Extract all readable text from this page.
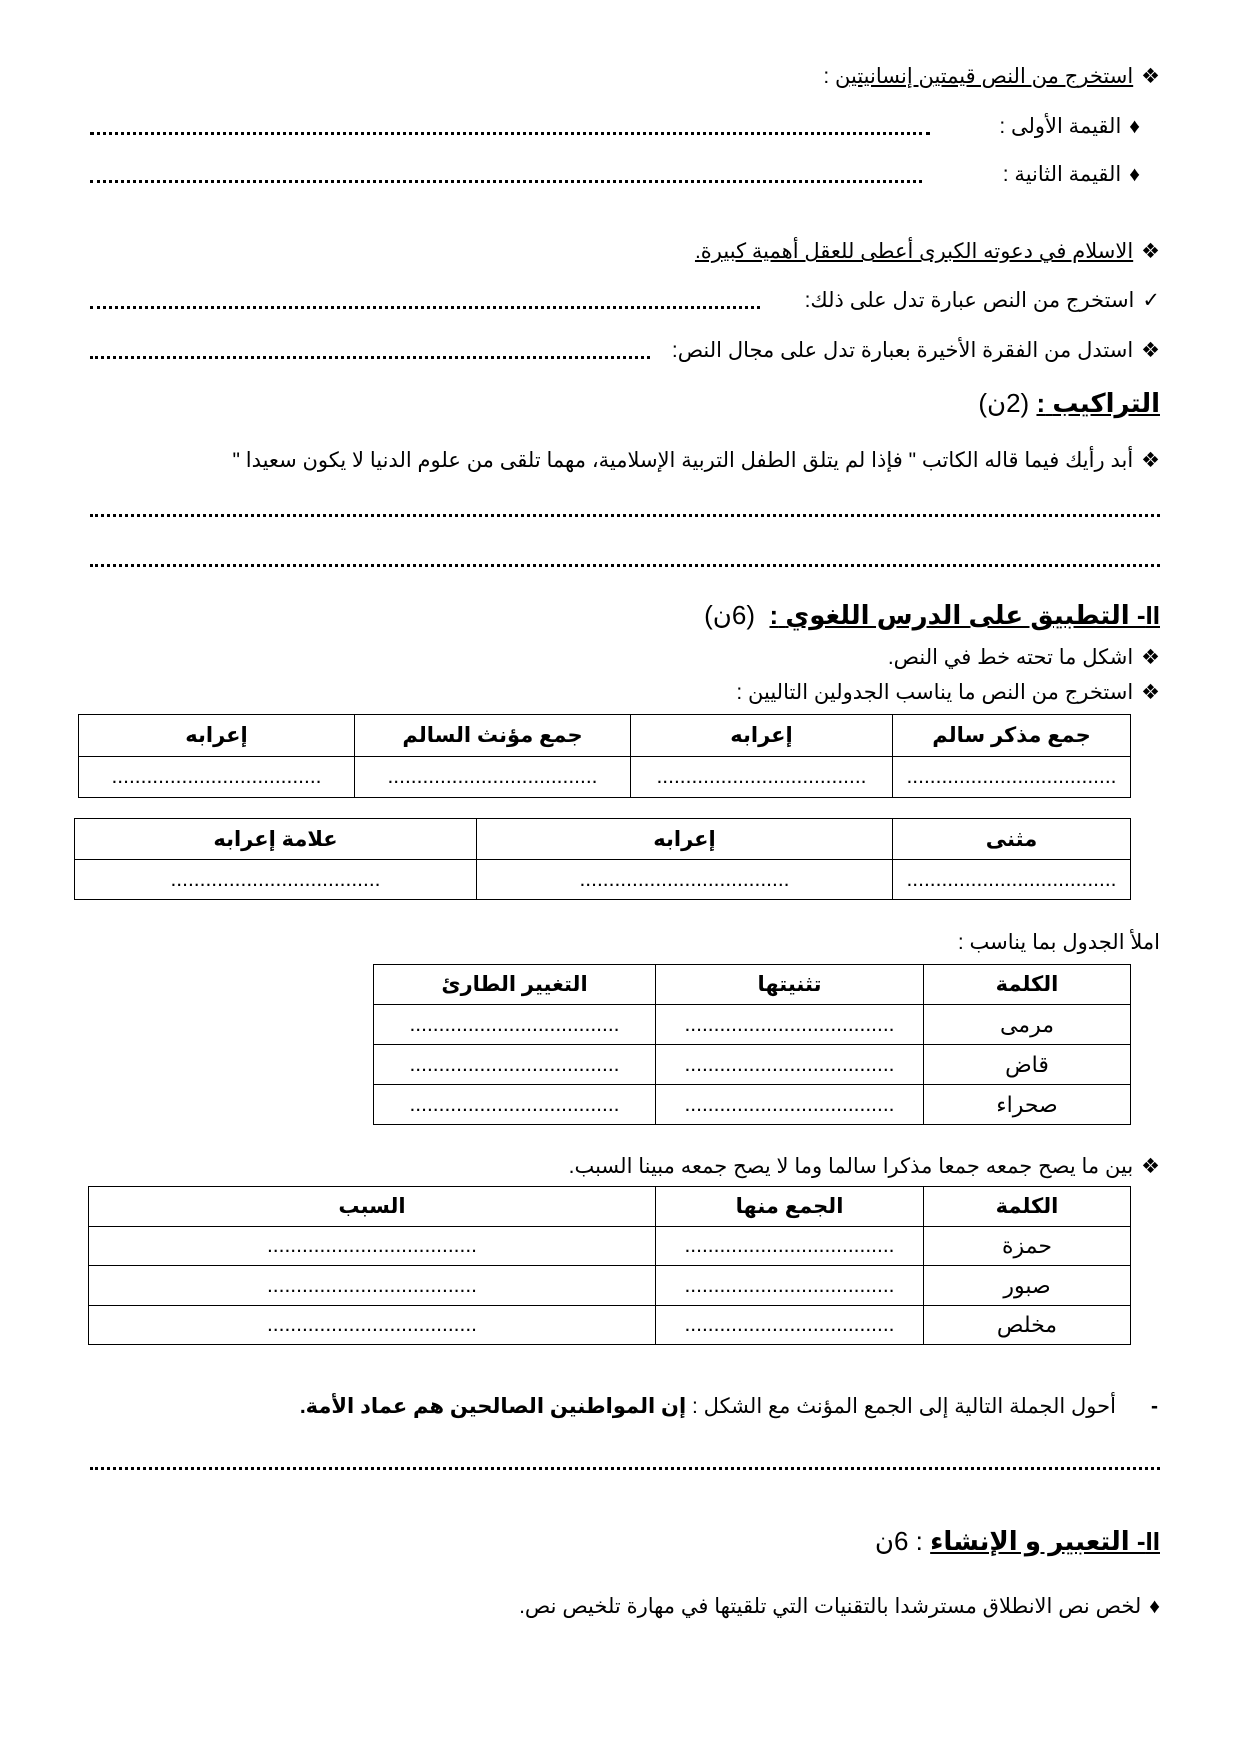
❖استخرج من النص قيمتين إنسانيتين :
♦القيمة الأولى :
♦القيمة الثانية :
❖الاسلام في دعوته الكبرى أعطى للعقل أهمية كبيرة.
✓استخرج من النص عبارة تدل على ذلك:
❖استدل من الفقرة الأخيرة بعبارة تدل على مجال النص:
التراكيب : (2ن)
❖أبد رأيك فيما قاله الكاتب " فإذا لم يتلق الطفل التربية الإسلامية، مهما تلقى من علوم الدنيا لا يكون سعيدا "
II- التطبيق على الدرس اللغوي :  (6ن)
❖اشكل ما تحته خط في النص.
❖استخرج من النص ما يناسب الجدولين التاليين :
جمع مذكر سالم	إعرابه	جمع مؤنث السالم	إعرابه
....................................	....................................	....................................	....................................
مثنى	إعرابه	علامة إعرابه
....................................	....................................	....................................
املأ الجدول بما يناسب :
الكلمة	تثنيتها	التغيير الطارئ
مرمى	....................................	....................................
قاض	....................................	....................................
صحراء	....................................	....................................
❖بين ما يصح جمعه جمعا مذكرا سالما وما لا يصح جمعه مبينا السبب.
الكلمة	الجمع منها	السبب
حمزة	....................................	....................................
صبور	....................................	....................................
مخلص	....................................	....................................
-      أحول الجملة التالية إلى الجمع المؤنث مع الشكل : إن المواطنين الصالحين هم عماد الأمة.
II- التعبير و الإنشاء : 6ن
♦لخص نص الانطلاق مسترشدا بالتقنيات التي تلقيتها في مهارة تلخيص نص.
